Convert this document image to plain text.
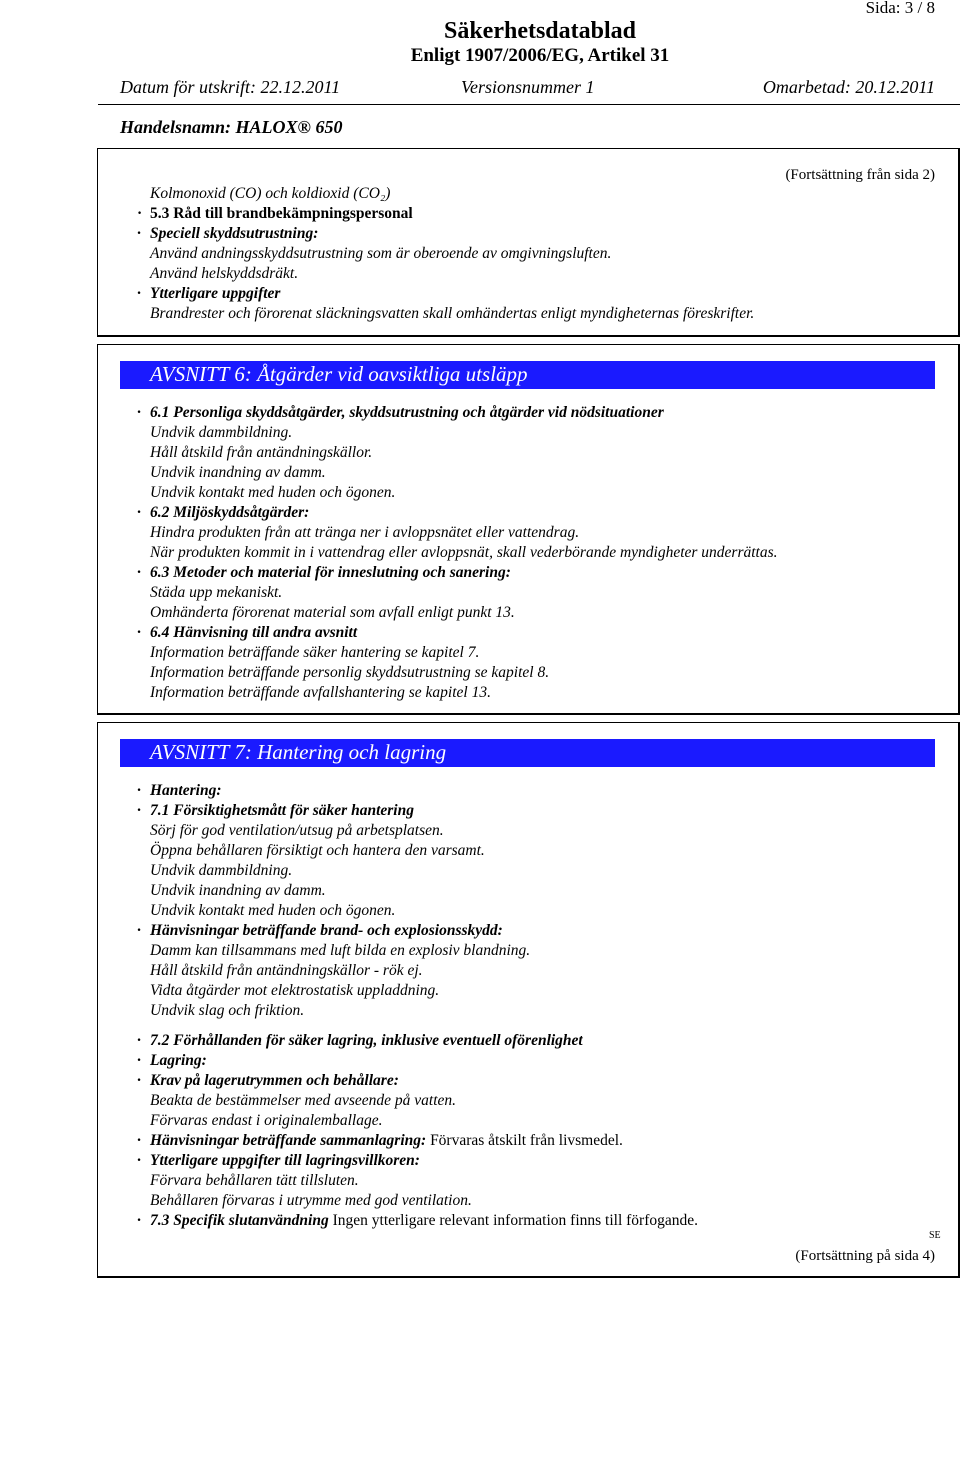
Sida: 3 / 8
Säkerhetsdatablad
Enligt 1907/2006/EG, Artikel 31
Datum för utskrift: 22.12.2011	Versionsnummer 1	Omarbetad: 20.12.2011
Handelsnamn: HALOX® 650
(Fortsättning från sida 2)
Kolmonoxid (CO) och koldioxid (CO₂)
· 5.3 Råd till brandbekämpningspersonal
· Speciell skyddsutrustning:
Använd andningsskyddsutrustning som är oberoende av omgivningsluften.
Använd helskyddsdräkt.
· Ytterligare uppgifter
Brandrester och förorenat släckningsvatten skall omhändertas enligt myndigheternas föreskrifter.
AVSNITT 6: Åtgärder vid oavsiktliga utsläpp
· 6.1 Personliga skyddsåtgärder, skyddsutrustning och åtgärder vid nödsituationer
Undvik dammbildning.
Håll åtskild från antändningskällor.
Undvik inandning av damm.
Undvik kontakt med huden och ögonen.
· 6.2 Miljöskyddsåtgärder:
Hindra produkten från att tränga ner i avloppsnätet eller vattendrag.
När produkten kommit in i vattendrag eller avloppsnät, skall vederbörande myndigheter underrättas.
· 6.3 Metoder och material för inneslutning och sanering:
Städa upp mekaniskt.
Omhänderta förorenat material som avfall enligt punkt 13.
· 6.4 Hänvisning till andra avsnitt
Information beträffande säker hantering se kapitel 7.
Information beträffande personlig skyddsutrustning se kapitel 8.
Information beträffande avfallshantering se kapitel 13.
AVSNITT 7: Hantering och lagring
· Hantering:
· 7.1 Försiktighetsmått för säker hantering
Sörj för god ventilation/utsug på arbetsplatsen.
Öppna behållaren försiktigt och hantera den varsamt.
Undvik dammbildning.
Undvik inandning av damm.
Undvik kontakt med huden och ögonen.
· Hänvisningar beträffande brand- och explosionsskydd:
Damm kan tillsammans med luft bilda en explosiv blandning.
Håll åtskild från antändningskällor - rök ej.
Vidta åtgärder mot elektrostatisk uppladdning.
Undvik slag och friktion.
· 7.2 Förhållanden för säker lagring, inklusive eventuell oförenlighet
· Lagring:
· Krav på lagerutrymmen och behållare:
Beakta de bestämmelser med avseende på vatten.
Förvaras endast i originalemballage.
· Hänvisningar beträffande sammanlagring: Förvaras åtskilt från livsmedel.
· Ytterligare uppgifter till lagringsvillkoren:
Förvara behållaren tätt tillsluten.
Behållaren förvaras i utrymme med god ventilation.
· 7.3 Specifik slutanvändning Ingen ytterligare relevant information finns till förfogande.
SE
(Fortsättning på sida 4)
